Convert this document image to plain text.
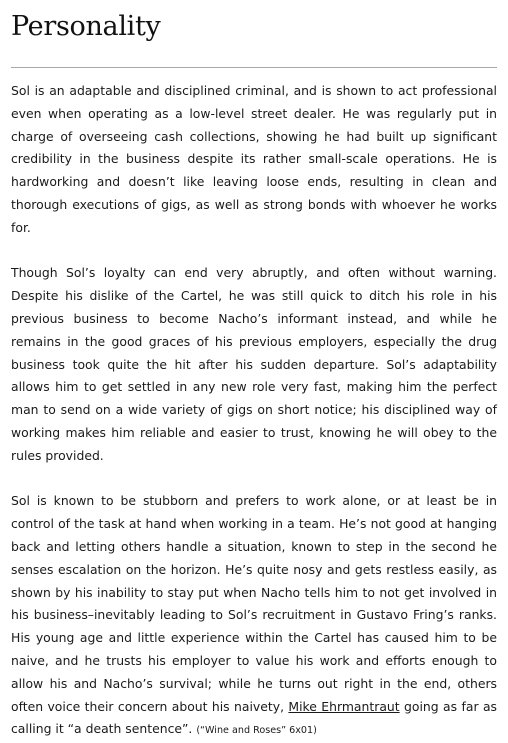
Personality

Sol is an adaptable and disciplined criminal, and is shown to act professional even when operating as a low-level street dealer. He was regularly put in charge of overseeing cash collections, showing he had built up significant credibility in the business despite its rather small-scale operations. He is hardworking and doesn’t like leaving loose ends, resulting in clean and thorough executions of gigs, as well as strong bonds with whoever he works for.

Though Sol’s loyalty can end very abruptly, and often without warning. Despite his dislike of the Cartel, he was still quick to ditch his role in his previous business to become Nacho’s informant instead, and while he remains in the good graces of his previous employers, especially the drug business took quite the hit after his sudden departure. Sol’s adaptability allows him to get settled in any new role very fast, making him the perfect man to send on a wide variety of gigs on short notice; his disciplined way of working makes him reliable and easier to trust, knowing he will obey to the rules provided.

Sol is known to be stubborn and prefers to work alone, or at least be in control of the task at hand when working in a team. He’s not good at hanging back and letting others handle a situation, known to step in the second he senses escalation on the horizon. He’s quite nosy and gets restless easily, as shown by his inability to stay put when Nacho tells him to not get involved in his business–inevitably leading to Sol’s recruitment in Gustavo Fring’s ranks. His young age and little experience within the Cartel has caused him to be naive, and he trusts his employer to value his work and efforts enough to allow his and Nacho’s survival; while he turns out right in the end, others often voice their concern about his naivety, Mike Ehrmantraut going as far as calling it “a death sentence”. (“Wine and Roses” 6x01)
